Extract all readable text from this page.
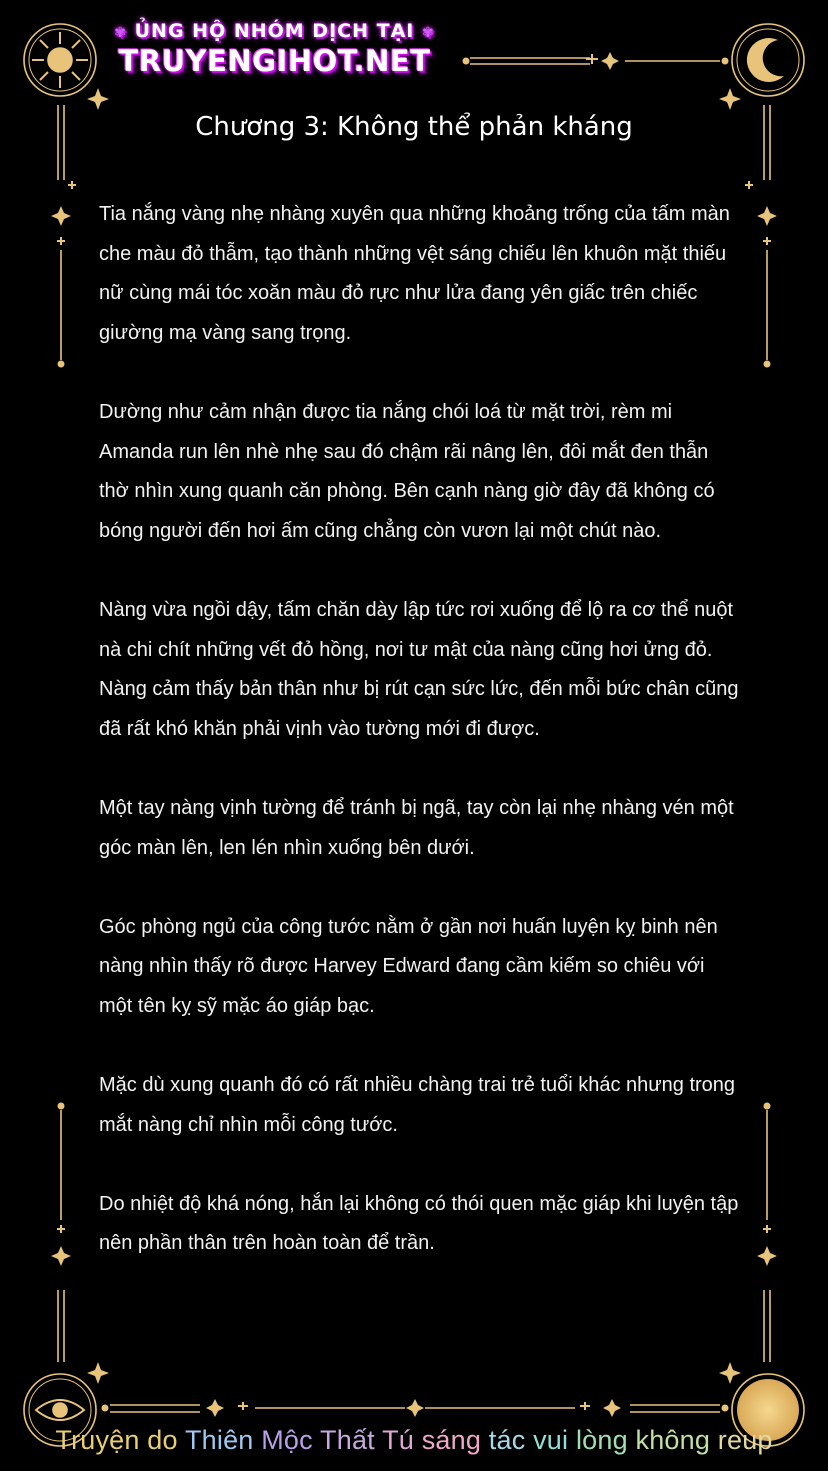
✾ ỦNG HỘ NHÓM DỊCH TẠI ✾
TRUYENGIHOT.NET
Chương 3: Không thể phản kháng

Tia nắng vàng nhẹ nhàng xuyên qua những khoảng trống của tấm màn che màu đỏ thẫm, tạo thành những vệt sáng chiếu lên khuôn mặt thiếu nữ cùng mái tóc xoăn màu đỏ rực như lửa đang yên giấc trên chiếc giường mạ vàng sang trọng.

Dường như cảm nhận được tia nắng chói loá từ mặt trời, rèm mi Amanda run lên nhè nhẹ sau đó chậm rãi nâng lên, đôi mắt đen thẫn thờ nhìn xung quanh căn phòng. Bên cạnh nàng giờ đây đã không có bóng người đến hơi ấm cũng chẳng còn vươn lại một chút nào.

Nàng vừa ngồi dậy, tấm chăn dày lập tức rơi xuống để lộ ra cơ thể nuột nà chi chít những vết đỏ hồng, nơi tư mật của nàng cũng hơi ửng đỏ. Nàng cảm thấy bản thân như bị rút cạn sức lức, đến mỗi bức chân cũng đã rất khó khăn phải vịnh vào tường mới đi được.

Một tay nàng vịnh tường để tránh bị ngã, tay còn lại nhẹ nhàng vén một góc màn lên, len lén nhìn xuống bên dưới.

Góc phòng ngủ của công tước nằm ở gần nơi huấn luyện kỵ binh nên nàng nhìn thấy rõ được Harvey Edward đang cầm kiếm so chiêu với một tên kỵ sỹ mặc áo giáp bạc.

Mặc dù xung quanh đó có rất nhiều chàng trai trẻ tuổi khác nhưng trong mắt nàng chỉ nhìn mỗi công tước.

Do nhiệt độ khá nóng, hắn lại không có thói quen mặc giáp khi luyện tập nên phần thân trên hoàn toàn để trần.

Truyện do Thiên Mộc Thất Tú sáng tác vui lòng không reup
